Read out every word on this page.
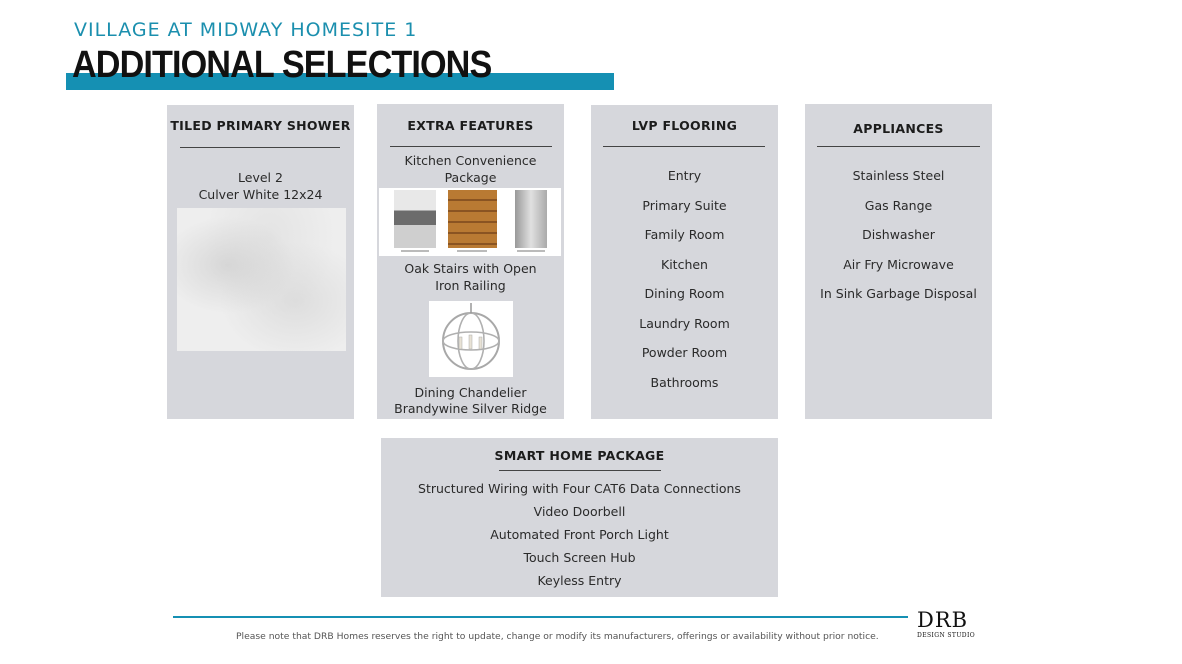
VILLAGE AT MIDWAY HOMESITE 1
ADDITIONAL SELECTIONS
TILED PRIMARY SHOWER
Level 2
Culver White 12x24
EXTRA FEATURES
Kitchen Convenience Package
Oak Stairs with Open Iron Railing
Dining Chandelier
Brandywine Silver Ridge
LVP FLOORING
Entry
Primary Suite
Family Room
Kitchen
Dining Room
Laundry Room
Powder Room
Bathrooms
APPLIANCES
Stainless Steel
Gas Range
Dishwasher
Air Fry Microwave
In Sink Garbage Disposal
SMART HOME PACKAGE
Structured Wiring with Four CAT6 Data Connections
Video Doorbell
Automated Front Porch Light
Touch Screen Hub
Keyless Entry
Please note that DRB Homes reserves the right to update, change or modify its manufacturers, offerings or availability without prior notice.
DRB
DESIGN STUDIO
